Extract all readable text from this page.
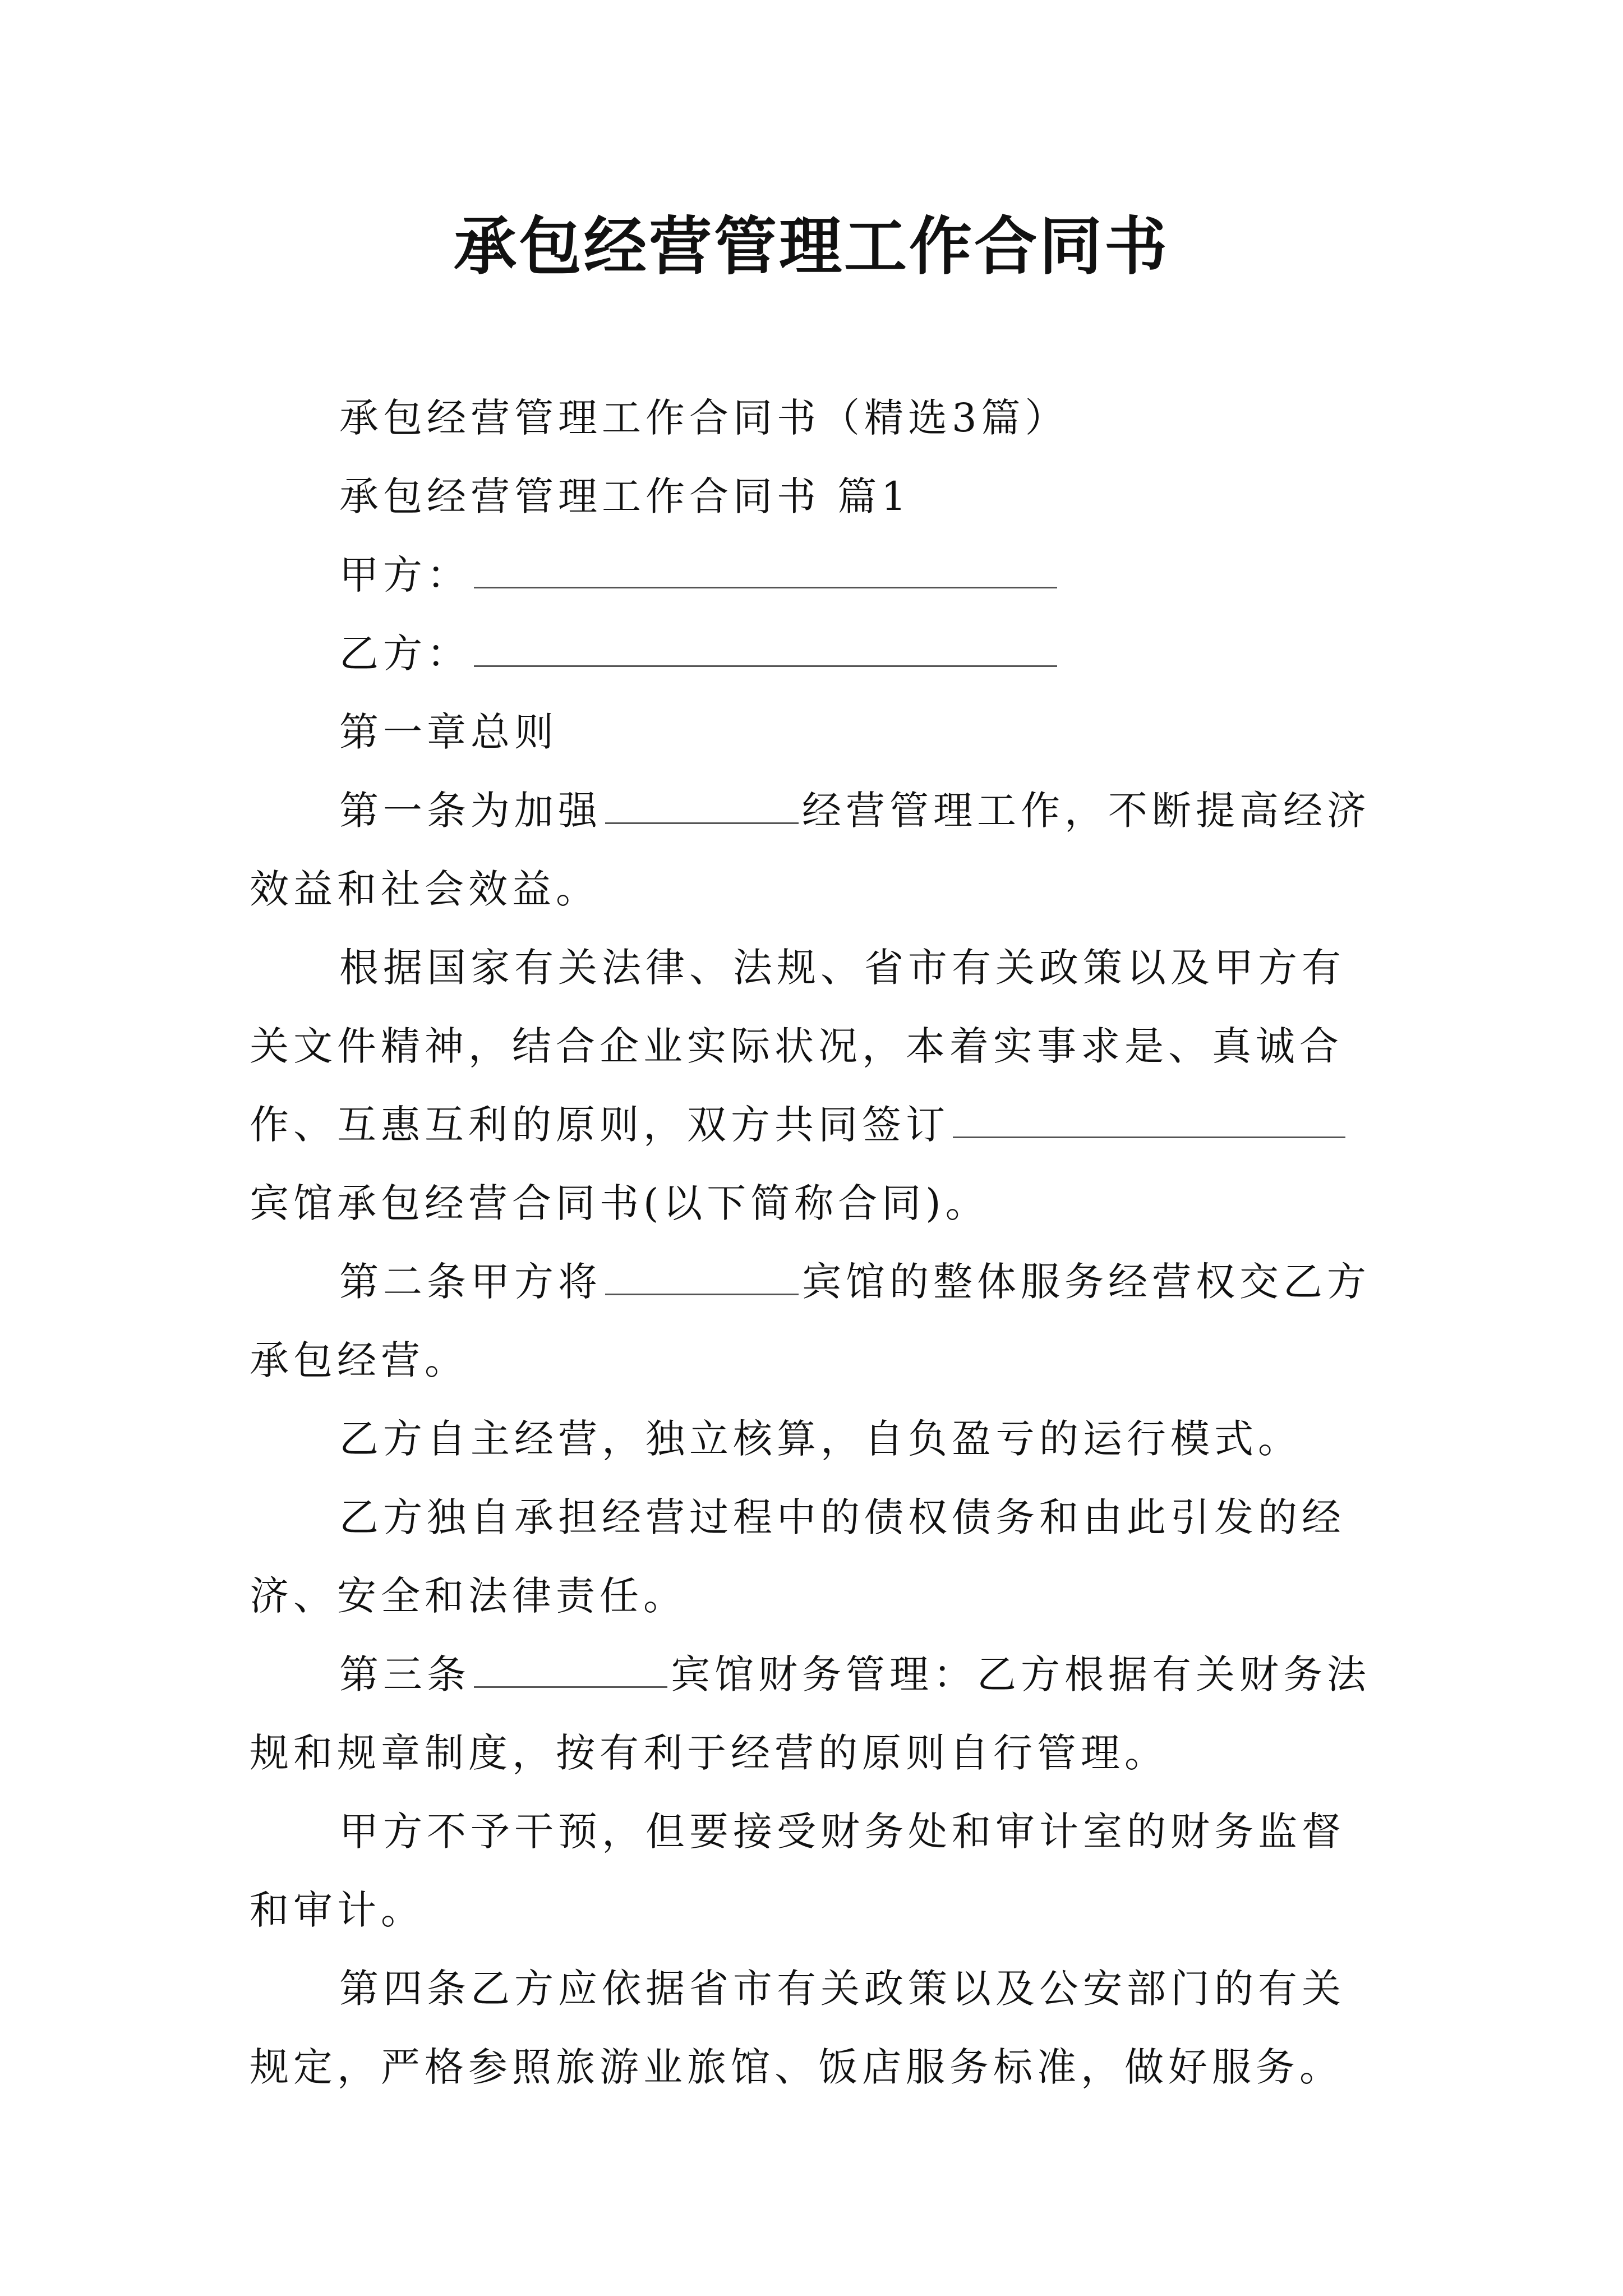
承包经营管理工作合同书

承包经营管理工作合同书（精选3篇）

承包经营管理工作合同书 篇1

甲方：

乙方：

第一章总则

第一条为加强	经营管理工作，不断提高经济效益和社会效益。

根据国家有关法律、法规、省市有关政策以及甲方有关文件精神，结合企业实际状况，本着实事求是、真诚合作、互惠互利的原则，双方共同签订宾馆承包经营合同书(以下简称合同)。

第二条甲方将	宾馆的整体服务经营权交乙方承包经营。

乙方自主经营，独立核算，自负盈亏的运行模式。

乙方独自承担经营过程中的债权债务和由此引发的经济、安全和法律责任。

第三条	宾馆财务管理：乙方根据有关财务法规和规章制度，按有利于经营的原则自行管理。

甲方不予干预，但要接受财务处和审计室的财务监督和审计。

第四条乙方应依据省市有关政策以及公安部门的有关规定，严格参照旅游业旅馆、饭店服务标准，做好服务。
